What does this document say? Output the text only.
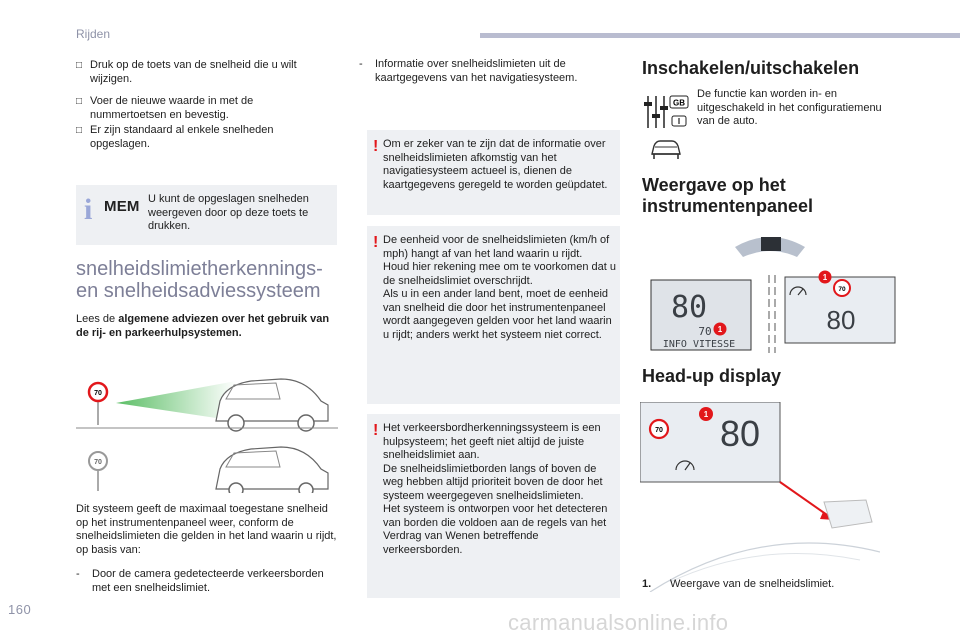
Rijden
□ Druk op de toets van de snelheid die u wilt wijzigen.
□ Voer de nieuwe waarde in met de nummertoetsen en bevestig.
□ Er zijn standaard al enkele snelheden opgeslagen.
i MEM U kunt de opgeslagen snelheden weergeven door op deze toets te drukken.
snelheidslimietherkennings- en snelheidsadviessysteem
Lees de algemene adviezen over het gebruik van de rij- en parkeerhulpsystemen.
70
70
Dit systeem geeft de maximaal toegestane snelheid op het instrumentenpaneel weer, conform de snelheidslimieten die gelden in het land waarin u rijdt, op basis van:
- Door de camera gedetecteerde verkeersborden met een snelheidslimiet.
- Informatie over snelheidslimieten uit de kaartgegevens van het navigatiesysteem.
! Om er zeker van te zijn dat de informatie over snelheidslimieten afkomstig van het navigatiesysteem actueel is, dienen de kaartgegevens geregeld te worden geüpdatet.
! De eenheid voor de snelheidslimieten (km/h of mph) hangt af van het land waarin u rijdt.
Houd hier rekening mee om te voorkomen dat u de snelheidslimiet overschrijdt.
Als u in een ander land bent, moet de eenheid van snelheid die door het instrumentenpaneel wordt aangegeven gelden voor het land waarin u rijdt; anders werkt het systeem niet correct.
! Het verkeersbordherkenningssysteem is een hulpsysteem; het geeft niet altijd de juiste snelheidslimiet aan.
De snelheidslimietborden langs of boven de weg hebben altijd prioriteit boven de door het systeem weergegeven snelheidslimieten.
Het systeem is ontworpen voor het detecteren van borden die voldoen aan de regels van het Verdrag van Wenen betreffende verkeersborden.
Inschakelen/uitschakelen
GB
De functie kan worden in- en uitgeschakeld in het configuratiemenu van de auto.
Weergave op het instrumentenpaneel
80
70
INFO VITESSE
1
70
1
80
Head-up display
70
1 80
1. Weergave van de snelheidslimiet.
160
carmanualsonline.info
